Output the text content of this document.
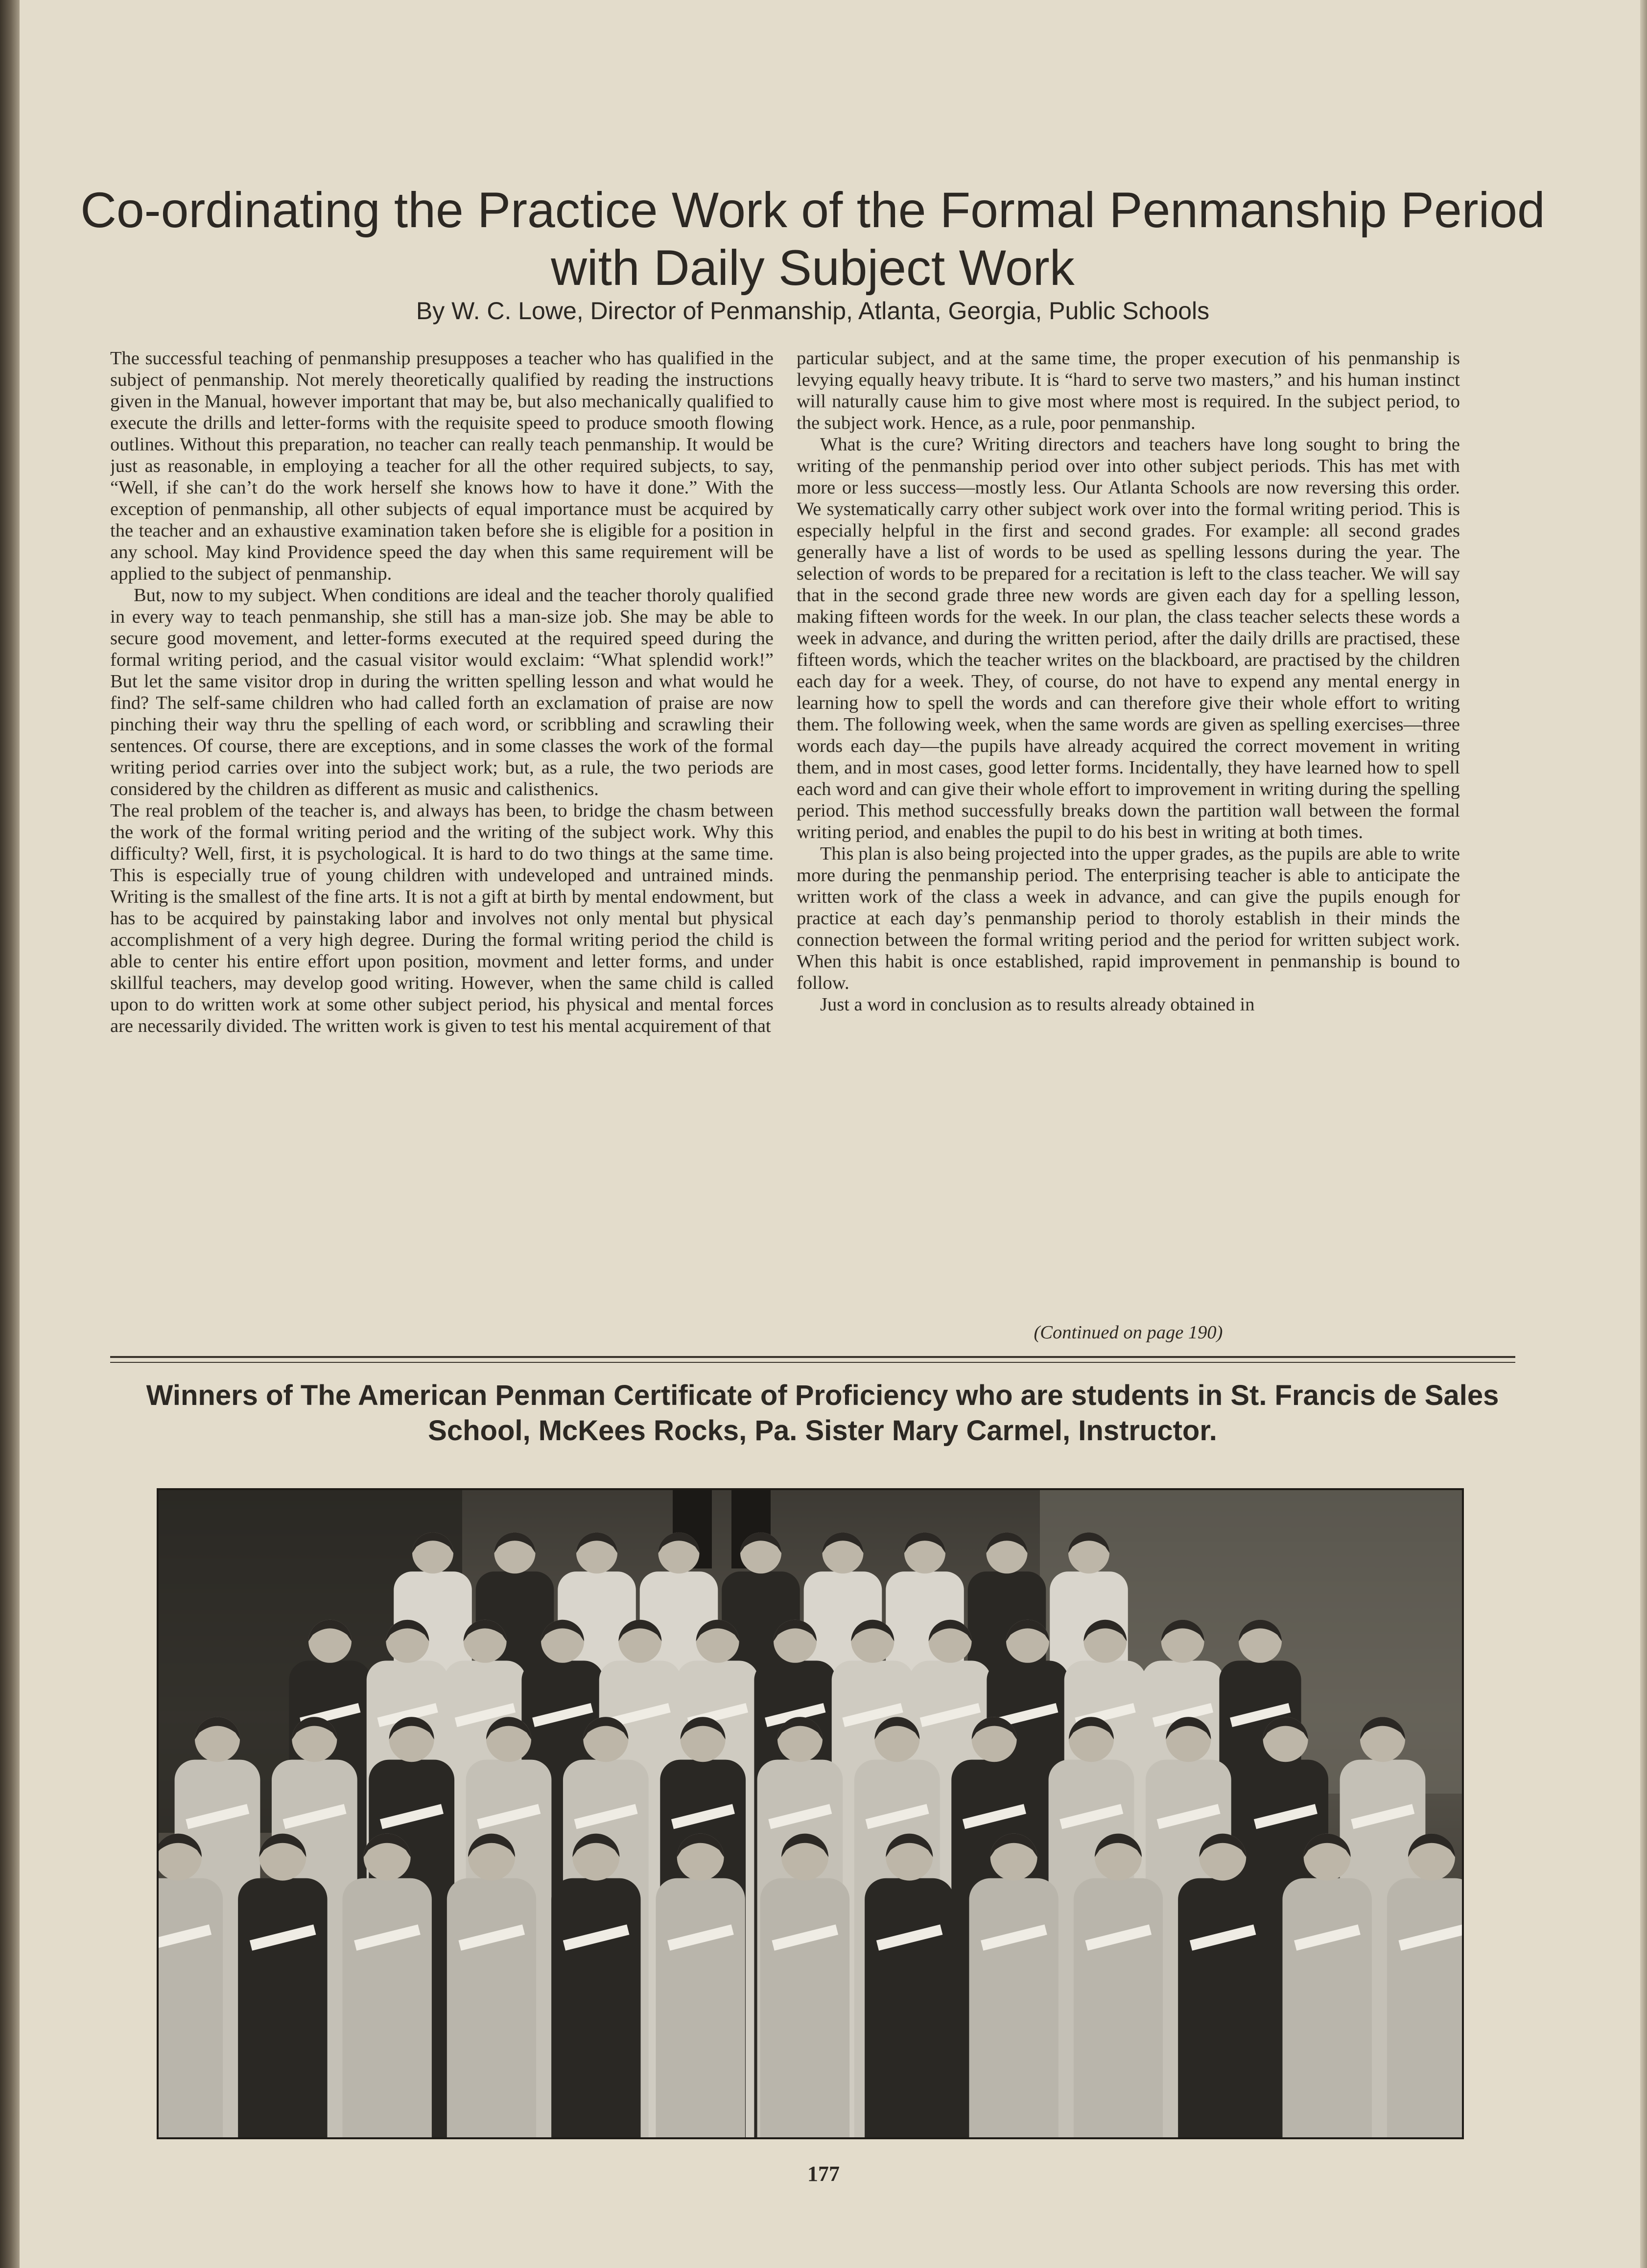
Co-ordinating the Practice Work of the Formal Penmanship Period
with Daily Subject Work

By W. C. Lowe, Director of Penmanship, Atlanta, Georgia, Public Schools

The successful teaching of penmanship presupposes a teacher who has qualified in the subject of penmanship. Not merely theoretically qualified by reading the instructions given in the Manual, however important that may be, but also mechanically qualified to execute the drills and letter-forms with the requisite speed to produce smooth flowing outlines. Without this preparation, no teacher can really teach penmanship. It would be just as reasonable, in employing a teacher for all the other required subjects, to say, “Well, if she can’t do the work herself she knows how to have it done.” With the exception of penmanship, all other subjects of equal importance must be acquired by the teacher and an exhaustive examination taken before she is eligible for a position in any school. May kind Providence speed the day when this same requirement will be applied to the subject of penmanship.

But, now to my subject. When conditions are ideal and the teacher thoroly qualified in every way to teach penmanship, she still has a man-size job. She may be able to secure good movement, and letter-forms executed at the required speed during the formal writing period, and the casual visitor would exclaim: “What splendid work!” But let the same visitor drop in during the written spelling lesson and what would he find? The self-same children who had called forth an exclamation of praise are now pinching their way thru the spelling of each word, or scribbling and scrawling their sentences. Of course, there are exceptions, and in some classes the work of the formal writing period carries over into the subject work; but, as a rule, the two periods are considered by the children as different as music and calisthenics.

The real problem of the teacher is, and always has been, to bridge the chasm between the work of the formal writing period and the writing of the subject work. Why this difficulty? Well, first, it is psychological. It is hard to do two things at the same time. This is especially true of young children with undeveloped and untrained minds. Writing is the smallest of the fine arts. It is not a gift at birth by mental endowment, but has to be acquired by painstaking labor and involves not only mental but physical accomplishment of a very high degree. During the formal writing period the child is able to center his entire effort upon position, movment and letter forms, and under skillful teachers, may develop good writing. However, when the same child is called upon to do written work at some other subject period, his physical and mental forces are necessarily divided. The written work is given to test his mental acquirement of that

particular subject, and at the same time, the proper execution of his penmanship is levying equally heavy tribute. It is “hard to serve two masters,” and his human instinct will naturally cause him to give most where most is required. In the subject period, to the subject work. Hence, as a rule, poor penmanship.

What is the cure? Writing directors and teachers have long sought to bring the writing of the penmanship period over into other subject periods. This has met with more or less success—mostly less. Our Atlanta Schools are now reversing this order. We systematically carry other subject work over into the formal writing period. This is especially helpful in the first and second grades. For example: all second grades generally have a list of words to be used as spelling lessons during the year. The selection of words to be prepared for a recitation is left to the class teacher. We will say that in the second grade three new words are given each day for a spelling lesson, making fifteen words for the week. In our plan, the class teacher selects these words a week in advance, and during the written period, after the daily drills are practised, these fifteen words, which the teacher writes on the blackboard, are practised by the children each day for a week. They, of course, do not have to expend any mental energy in learning how to spell the words and can therefore give their whole effort to writing them. The following week, when the same words are given as spelling exercises—three words each day—the pupils have already acquired the correct movement in writing them, and in most cases, good letter forms. Incidentally, they have learned how to spell each word and can give their whole effort to improvement in writing during the spelling period. This method successfully breaks down the partition wall between the formal writing period, and enables the pupil to do his best in writing at both times.

This plan is also being projected into the upper grades, as the pupils are able to write more during the penmanship period. The enterprising teacher is able to anticipate the written work of the class a week in advance, and can give the pupils enough for practice at each day’s penmanship period to thoroly establish in their minds the connection between the formal writing period and the period for written subject work. When this habit is once established, rapid improvement in penmanship is bound to follow.

Just a word in conclusion as to results already obtained in

(Continued on page 190)
Winners of The American Penman Certificate of Proficiency who are students in St. Francis de Sales
School, McKees Rocks, Pa. Sister Mary Carmel, Instructor.
177
